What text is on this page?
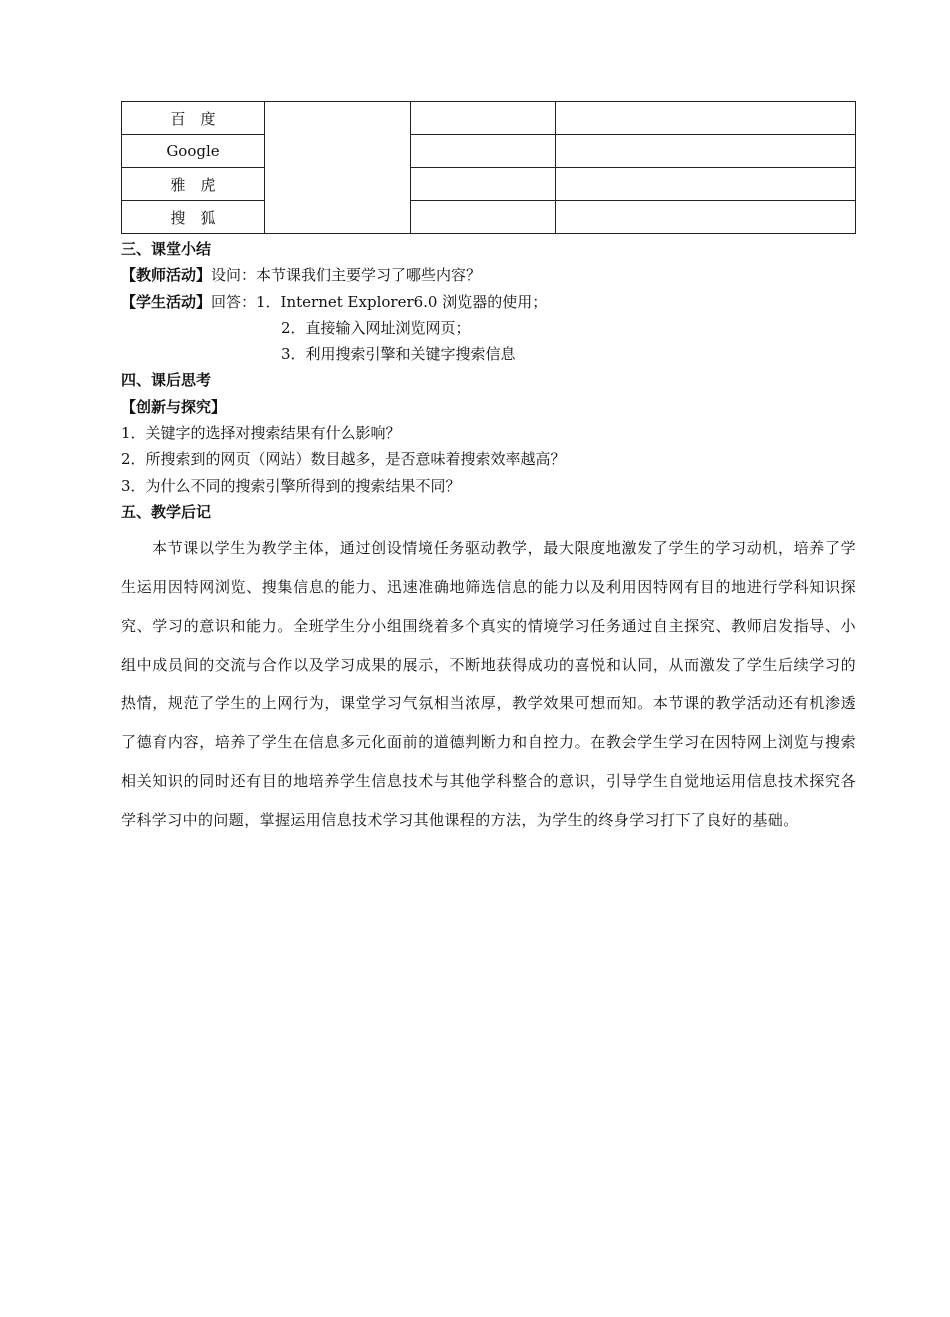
百　度			
Google			
雅　虎			
搜　狐			
三、课堂小结
【教师活动】设问：本节课我们主要学习了哪些内容？
【学生活动】回答：1．Internet Explorer6.0 浏览器的使用；
2．直接输入网址浏览网页；
3．利用搜索引擎和关键字搜索信息
四、课后思考
【创新与探究】
1．关键字的选择对搜索结果有什么影响？
2．所搜索到的网页（网站）数目越多，是否意味着搜索效率越高？
3．为什么不同的搜索引擎所得到的搜索结果不同？
五、教学后记
本节课以学生为教学主体，通过创设情境任务驱动教学，最大限度地激发了学生的学习动机，培养了学生运用因特网浏览、搜集信息的能力、迅速准确地筛选信息的能力以及利用因特网有目的地进行学科知识探究、学习的意识和能力。全班学生分小组围绕着多个真实的情境学习任务通过自主探究、教师启发指导、小组中成员间的交流与合作以及学习成果的展示，不断地获得成功的喜悦和认同，从而激发了学生后续学习的热情，规范了学生的上网行为，课堂学习气氛相当浓厚，教学效果可想而知。本节课的教学活动还有机渗透了德育内容，培养了学生在信息多元化面前的道德判断力和自控力。在教会学生学习在因特网上浏览与搜索相关知识的同时还有目的地培养学生信息技术与其他学科整合的意识，引导学生自觉地运用信息技术探究各学科学习中的问题，掌握运用信息技术学习其他课程的方法，为学生的终身学习打下了良好的基础。
